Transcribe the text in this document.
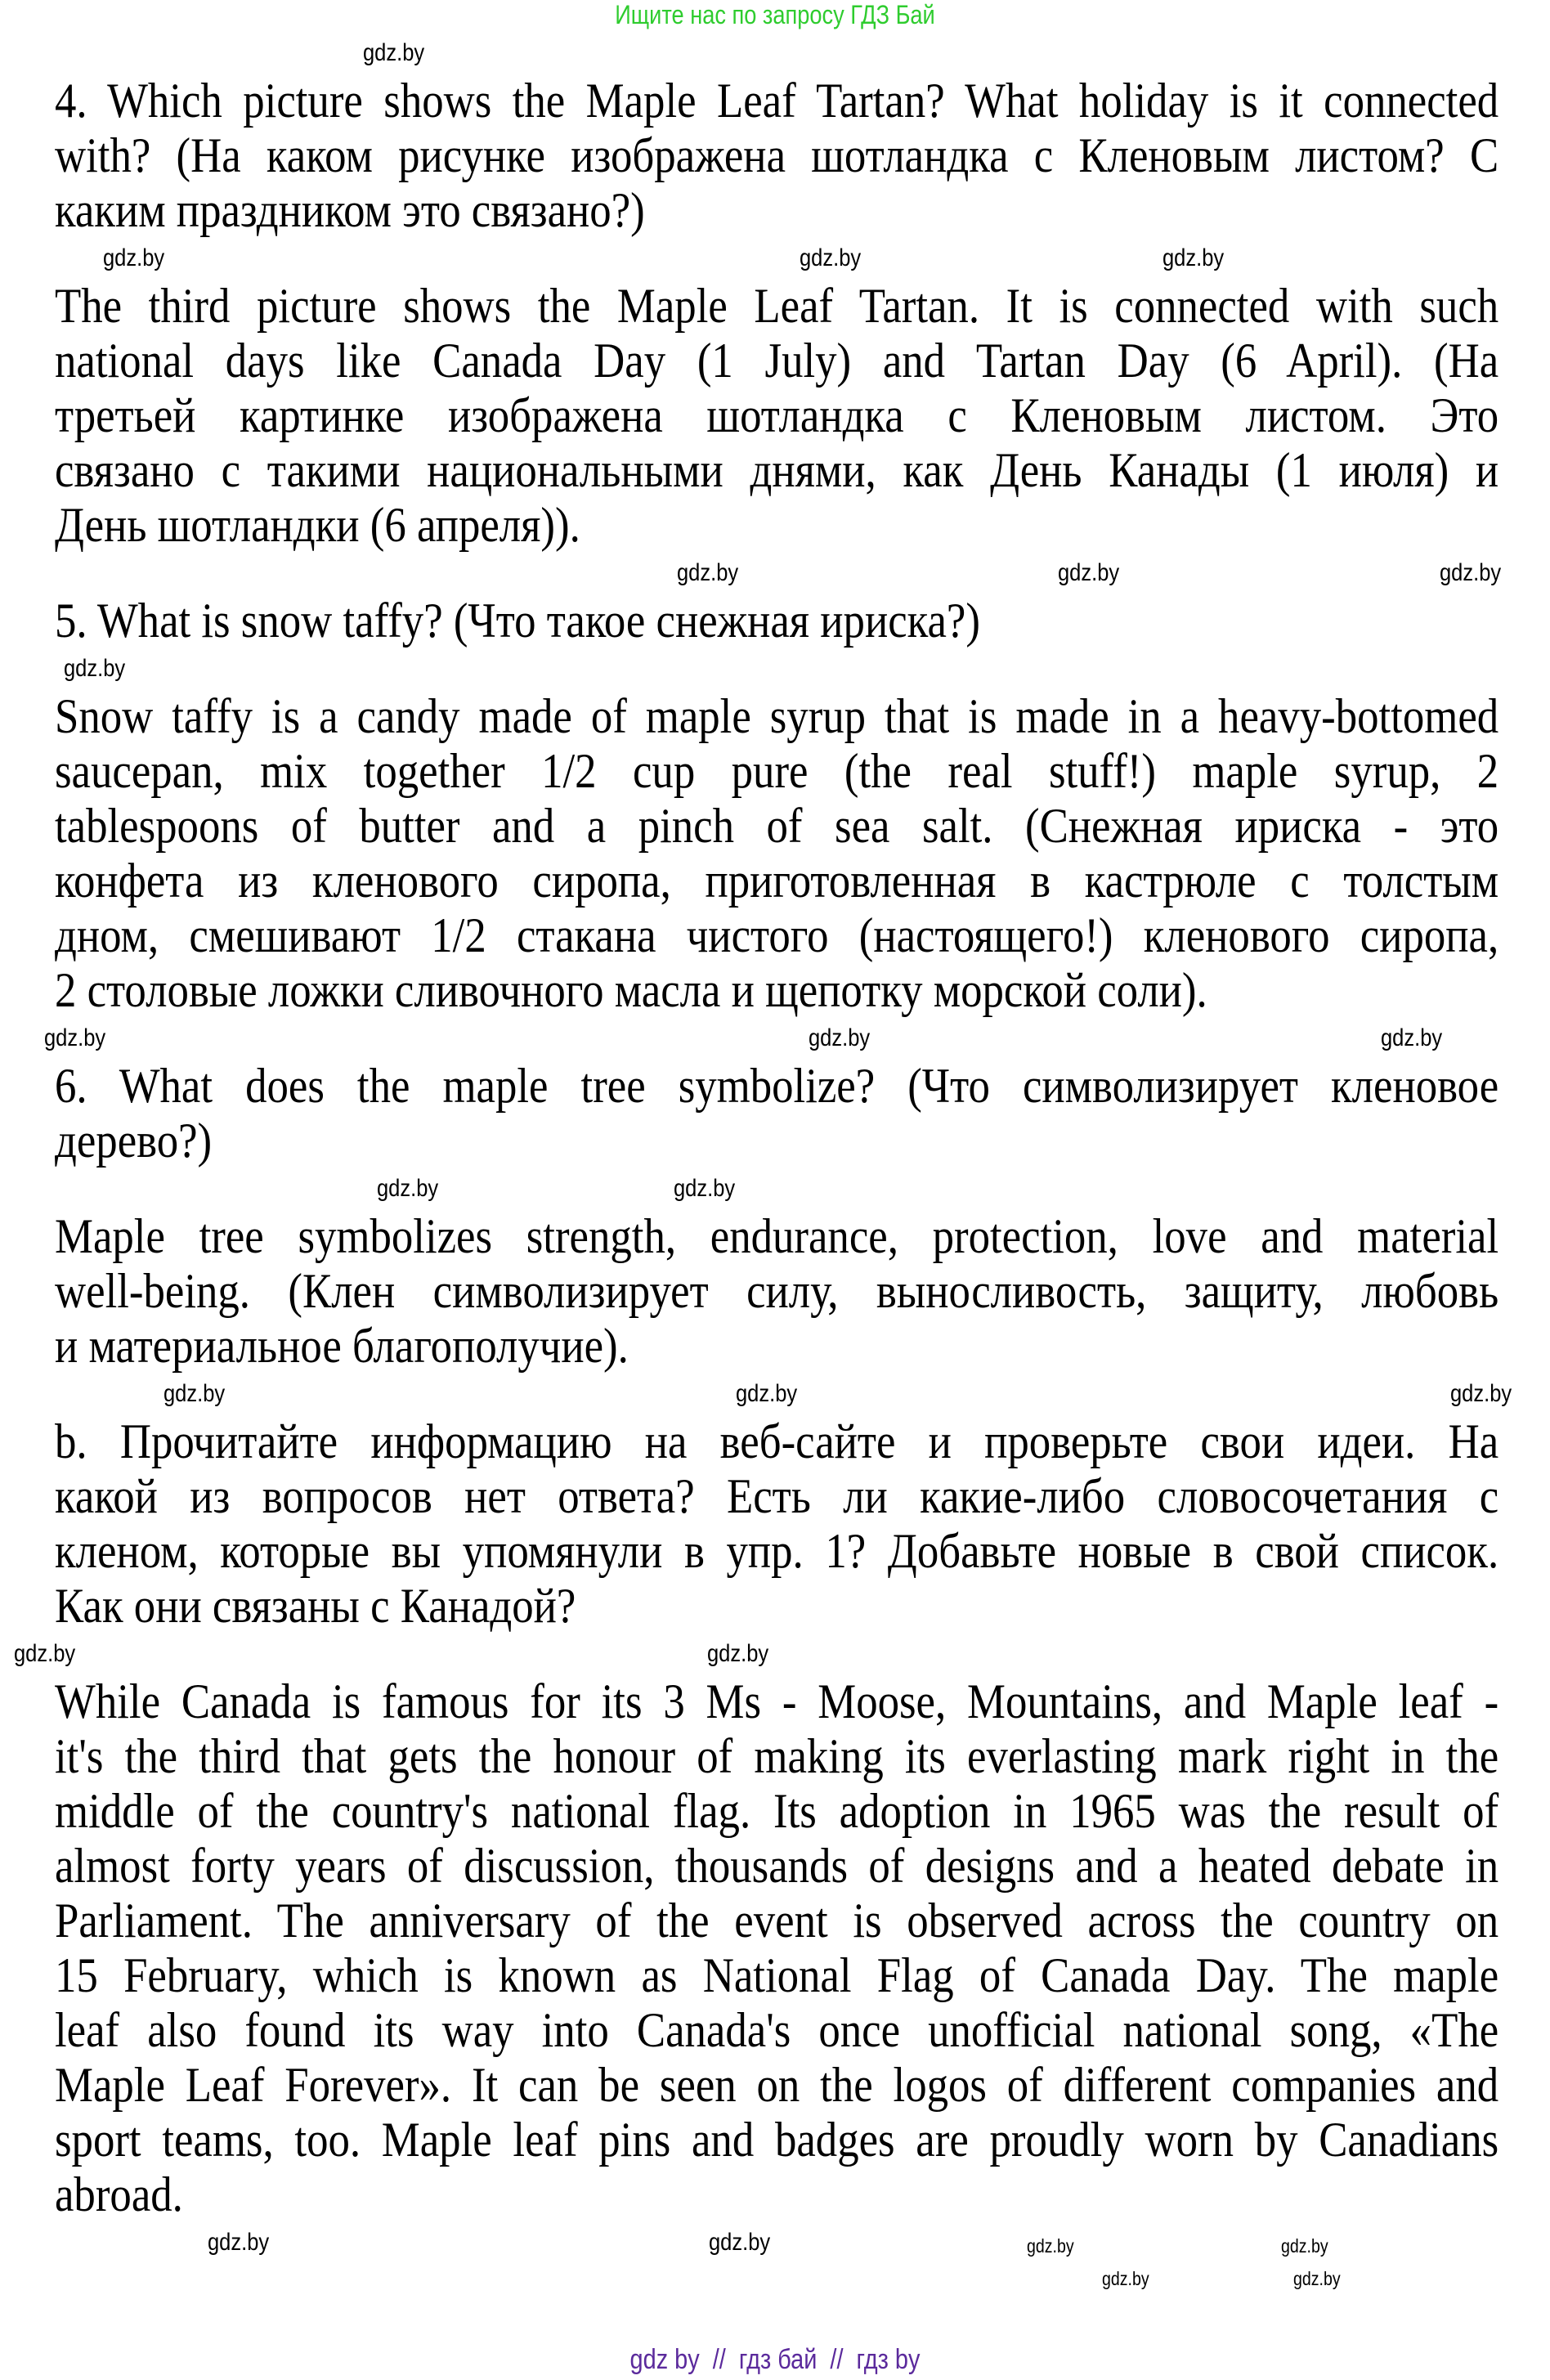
Ищите нас по запросу ГДЗ Бай
gdz.by
4. Which picture shows the Maple Leaf Tartan? What holiday is it connected
with? (На каком рисунке изображена шотландка с Кленовым листом? С
каким праздником это связано?)
gdz.by	gdz.by	gdz.by
The third picture shows the Maple Leaf Tartan. It is connected with such
national days like Canada Day (1 July) and Tartan Day (6 April). (На
третьей картинке изображена шотландка с Кленовым листом. Это
связано с такими национальными днями, как День Канады (1 июля) и
День шотландки (6 апреля)).
gdz.by	gdz.by	gdz.by
5. What is snow taffy? (Что такое снежная ириска?)
gdz.by
Snow taffy is a candy made of maple syrup that is made in a heavy-bottomed
saucepan, mix together 1/2 cup pure (the real stuff!) maple syrup, 2
tablespoons of butter and a pinch of sea salt. (Снежная ириска - это
конфета из кленового сиропа, приготовленная в кастрюле с толстым
дном, смешивают 1/2 стакана чистого (настоящего!) кленового сиропа,
2 столовые ложки сливочного масла и щепотку морской соли).
gdz.by	gdz.by	gdz.by
6. What does the maple tree symbolize? (Что символизирует кленовое
дерево?)
gdz.by	gdz.by
Maple tree symbolizes strength, endurance, protection, love and material
well-being. (Клен символизирует силу, выносливость, защиту, любовь
и материальное благополучие).
gdz.by	gdz.by	gdz.by
b. Прочитайте информацию на веб-сайте и проверьте свои идеи. На
какой из вопросов нет ответа? Есть ли какие-либо словосочетания с
кленом, которые вы упомянули в упр. 1? Добавьте новые в свой список.
Как они связаны с Канадой?
gdz.by	gdz.by
While Canada is famous for its 3 Ms - Moose, Mountains, and Maple leaf -
it's the third that gets the honour of making its everlasting mark right in the
middle of the country's national flag. Its adoption in 1965 was the result of
almost forty years of discussion, thousands of designs and a heated debate in
Parliament. The anniversary of the event is observed across the country on
15 February, which is known as National Flag of Canada Day. The maple
leaf also found its way into Canada's once unofficial national song, «The
Maple Leaf Forever». It can be seen on the logos of different companies and
sport teams, too. Maple leaf pins and badges are proudly worn by Canadians
abroad.
gdz.by	gdz.by	gdz.by	gdz.by
gdz.by	gdz.by
gdz by  //  гдз бай  //  гдз by
